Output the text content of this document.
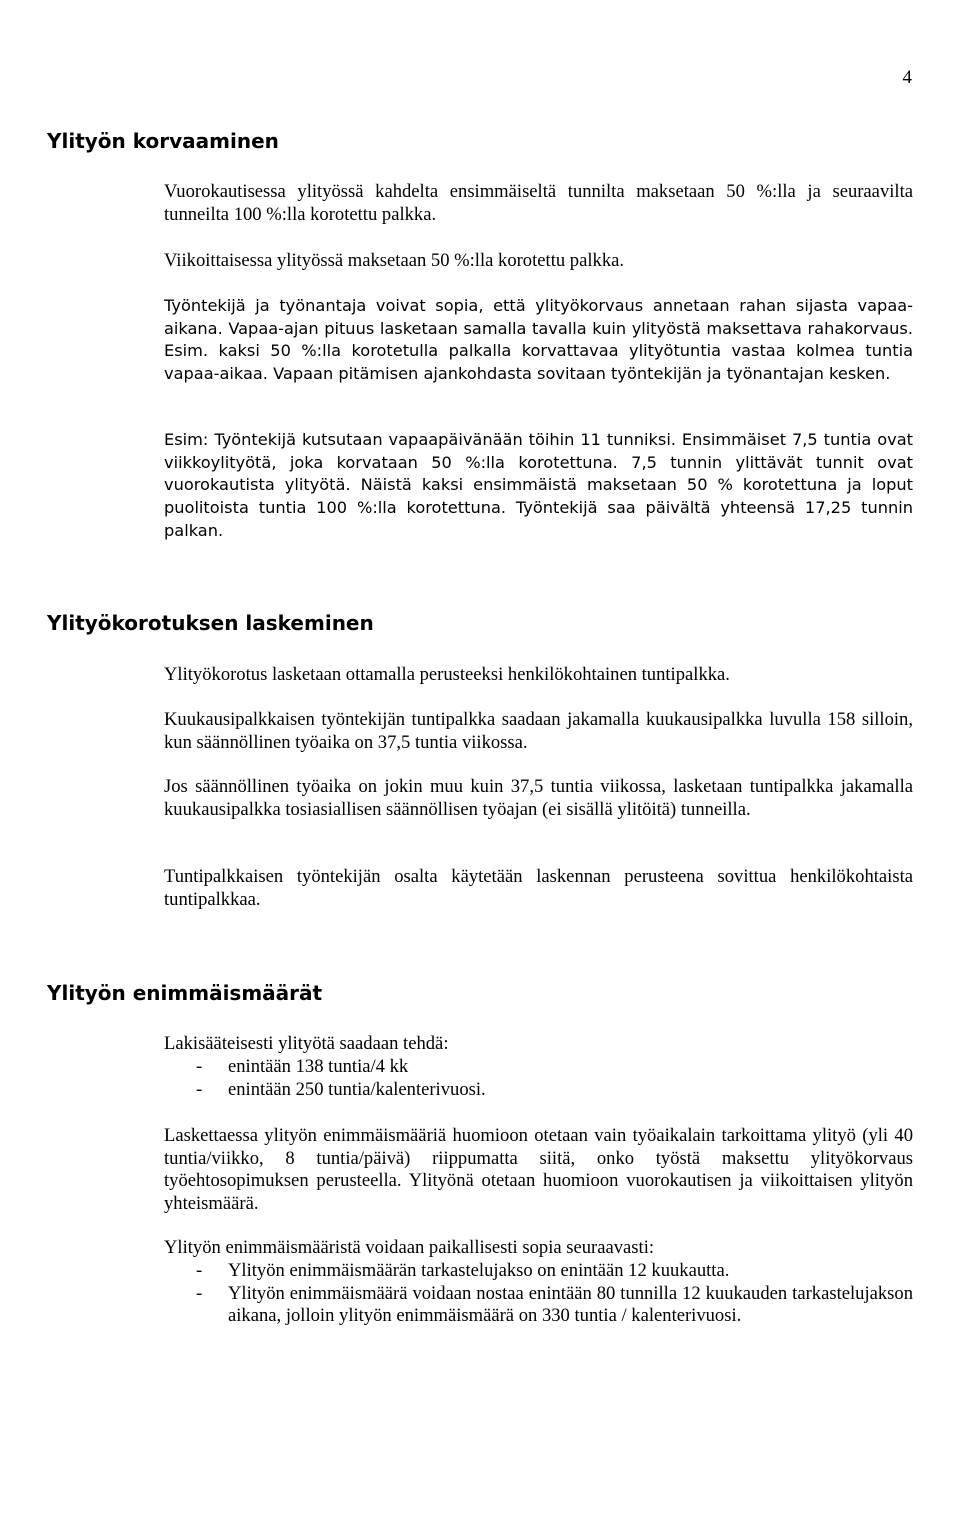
4
Ylityön korvaaminen

Vuorokautisessa ylityössä kahdelta ensimmäiseltä tunnilta maksetaan 50 %:lla ja seuraavilta tunneilta 100 %:lla korotettu palkka.

Viikoittaisessa ylityössä maksetaan 50 %:lla korotettu palkka.

Työntekijä ja työnantaja voivat sopia, että ylityökorvaus annetaan rahan sijasta vapaa-aikana. Vapaa-ajan pituus lasketaan samalla tavalla kuin ylityöstä maksettava rahakorvaus. Esim. kaksi 50 %:lla korotetulla palkalla korvattavaa ylityötuntia vastaa kolmea tuntia vapaa-aikaa. Vapaan pitämisen ajankohdasta sovitaan työntekijän ja työnantajan kesken.

Esim: Työntekijä kutsutaan vapaapäivänään töihin 11 tunniksi. Ensimmäiset 7,5 tuntia ovat viikkoylityötä, joka korvataan 50 %:lla korotettuna. 7,5 tunnin ylittävät tunnit ovat vuorokautista ylityötä. Näistä kaksi ensimmäistä maksetaan 50 % korotettuna ja loput puolitoista tuntia 100 %:lla korotettuna. Työntekijä saa päivältä yhteensä 17,25 tunnin palkan.

Ylityökorotuksen laskeminen

Ylityökorotus lasketaan ottamalla perusteeksi henkilökohtainen tuntipalkka.

Kuukausipalkkaisen työntekijän tuntipalkka saadaan jakamalla kuukausipalkka luvulla 158 silloin, kun säännöllinen työaika on 37,5 tuntia viikossa.

Jos säännöllinen työaika on jokin muu kuin 37,5 tuntia viikossa, lasketaan tuntipalkka jakamalla kuukausipalkka tosiasiallisen säännöllisen työajan (ei sisällä ylitöitä) tunneilla.

Tuntipalkkaisen työntekijän osalta käytetään laskennan perusteena sovittua henkilökohtaista tuntipalkkaa.

Ylityön enimmäismäärät

Lakisääteisesti ylityötä saadaan tehdä:

- enintään 138 tuntia/4 kk
- enintään 250 tuntia/kalenterivuosi.

Laskettaessa ylityön enimmäismääriä huomioon otetaan vain työaikalain tarkoittama ylityö (yli 40 tuntia/viikko, 8 tuntia/päivä) riippumatta siitä, onko työstä maksettu ylityökorvaus työehtosopimuksen perusteella. Ylityönä otetaan huomioon vuorokautisen ja viikoittaisen ylityön yhteismäärä.

Ylityön enimmäismääristä voidaan paikallisesti sopia seuraavasti:

- Ylityön enimmäismäärän tarkastelujakso on enintään 12 kuukautta.
- Ylityön enimmäismäärä voidaan nostaa enintään 80 tunnilla 12 kuukauden tarkastelujakson aikana, jolloin ylityön enimmäismäärä on 330 tuntia / kalenterivuosi.
